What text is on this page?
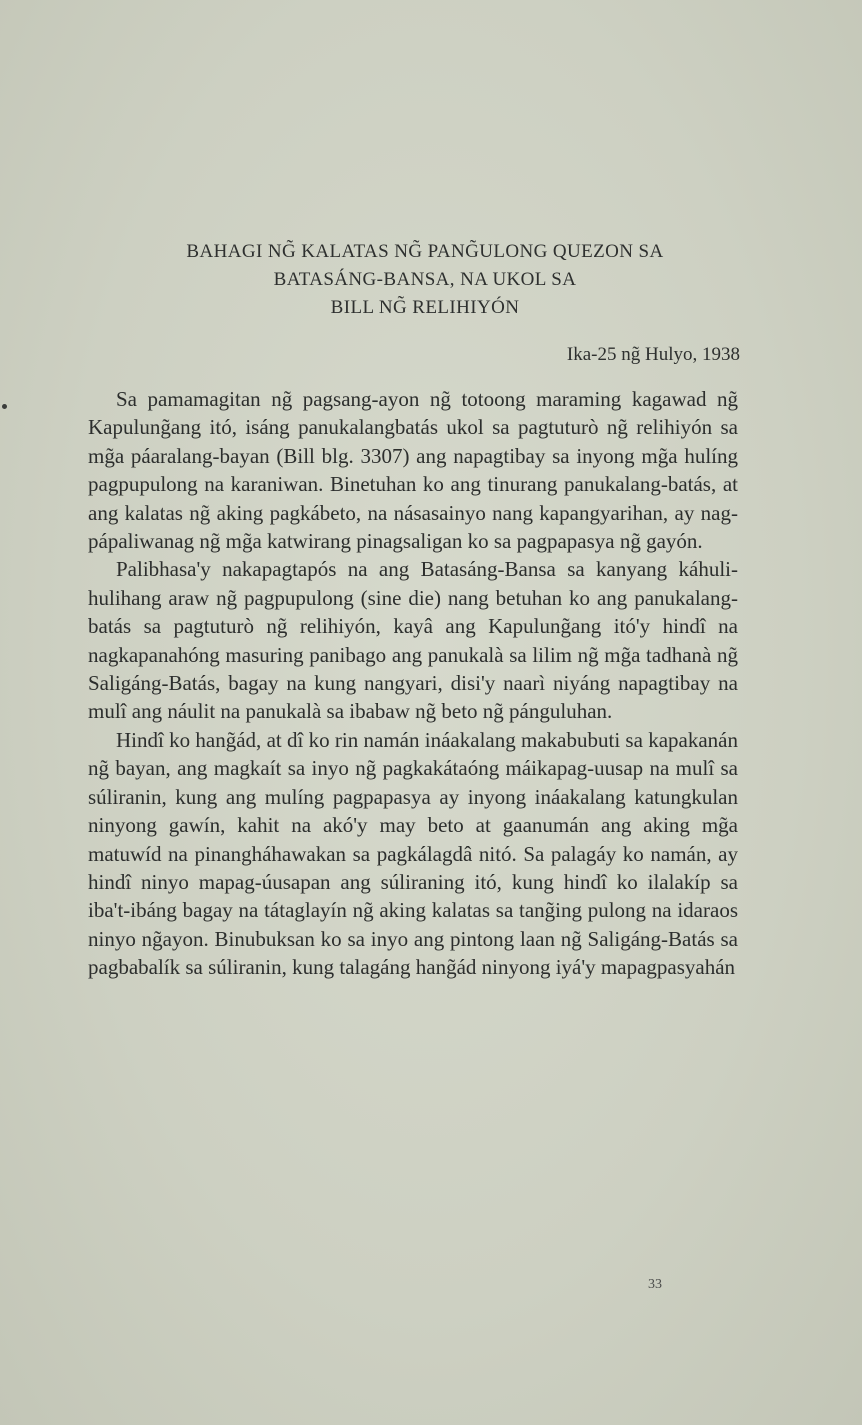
BAHAGI NG̃ KALATAS NG̃ PANG̃ULONG QUEZON SA
BATASÁNG-BANSA, NA UKOL SA
BILL NG̃ RELIHIYÓN
Ika-25 ng̃ Hulyo, 1938

Sa pamamagitan ng̃ pagsang-ayon ng̃ totoong maraming kagawad ng̃ Kapulung̃ang itó, isáng panukalangbatás ukol sa pagtuturò ng̃ relihiyón sa mg̃a páaralang-bayan (Bill blg. 3307) ang napagtibay sa inyong mg̃a hulíng pagpupulong na karaniwan. Binetuhan ko ang tinurang panukalang-batás, at ang kalatas ng̃ aking pagkábeto, na násasainyo nang kapangyarihan, ay nagpápaliwanag ng̃ mg̃a katwirang pinagsaligan ko sa pagpapasya ng̃ gayón.

Palibhasa'y nakapagtapós na ang Batasáng-Bansa sa kanyang káhuli-hulihang araw ng̃ pagpupulong (sine die) nang betuhan ko ang panukalang-batás sa pagtuturò ng̃ relihiyón, kayâ ang Kapulung̃ang itó'y hindî na nagkapanahóng masuring panibago ang panukalà sa lilim ng̃ mg̃a tadhanà ng̃ Saligáng-Batás, bagay na kung nangyari, disi'y naarì niyáng napagtibay na mulî ang náulit na panukalà sa ibabaw ng̃ beto ng̃ pánguluhan.

Hindî ko hang̃ád, at dî ko rin namán ináakalang makabubuti sa kapakanán ng̃ bayan, ang magkaít sa inyo ng̃ pagkakátaóng máikapag-uusap na mulî sa súliranin, kung ang mulíng pagpapasya ay inyong ináakalang katungkulan ninyong gawín, kahit na akó'y may beto at gaanumán ang aking mg̃a matuwíd na pinangháhawakan sa pagkálagdâ nitó. Sa palagáy ko namán, ay hindî ninyo mapag-úusapan ang súliraning itó, kung hindî ko ilalakíp sa iba't-ibáng bagay na tátaglayín ng̃ aking kalatas sa tang̃ing pulong na idaraos ninyo ng̃ayon. Binubuksan ko sa inyo ang pintong laan ng̃ Saligáng-Batás sa pagbabalík sa súliranin, kung talagáng hang̃ád ninyong iyá'y mapagpasyahán

33
